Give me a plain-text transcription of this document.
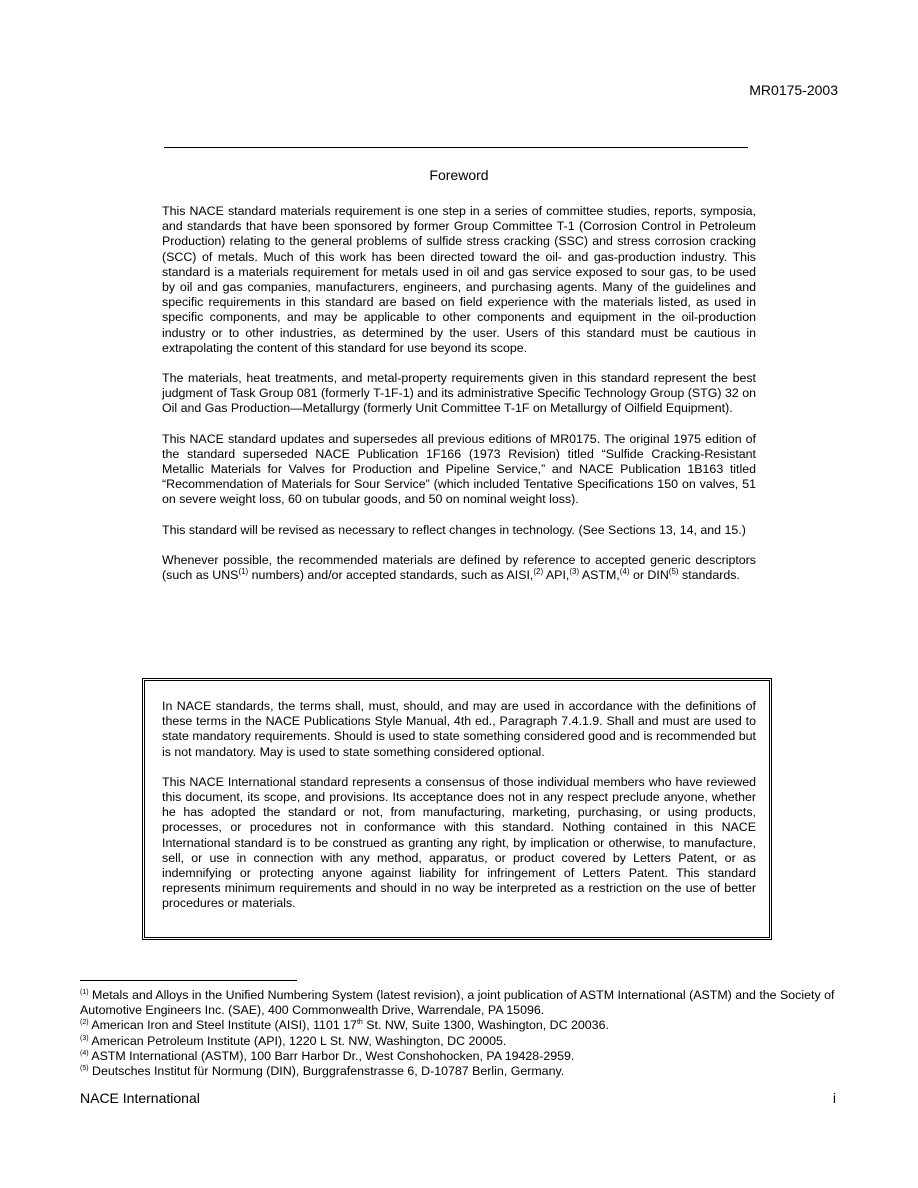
MR0175-2003
Foreword

This NACE standard materials requirement is one step in a series of committee studies, reports, symposia, and standards that have been sponsored by former Group Committee T-1 (Corrosion Control in Petroleum Production) relating to the general problems of sulfide stress cracking (SSC) and stress corrosion cracking (SCC) of metals. Much of this work has been directed toward the oil- and gas-production industry. This standard is a materials requirement for metals used in oil and gas service exposed to sour gas, to be used by oil and gas companies, manufacturers, engineers, and purchasing agents. Many of the guidelines and specific requirements in this standard are based on field experience with the materials listed, as used in specific components, and may be applicable to other components and equipment in the oil-production industry or to other industries, as determined by the user. Users of this standard must be cautious in extrapolating the content of this standard for use beyond its scope.

The materials, heat treatments, and metal-property requirements given in this standard represent the best judgment of Task Group 081 (formerly T-1F-1) and its administrative Specific Technology Group (STG) 32 on Oil and Gas Production—Metallurgy (formerly Unit Committee T-1F on Metallurgy of Oilfield Equipment).

This NACE standard updates and supersedes all previous editions of MR0175. The original 1975 edition of the standard superseded NACE Publication 1F166 (1973 Revision) titled “Sulfide Cracking-Resistant Metallic Materials for Valves for Production and Pipeline Service,” and NACE Publication 1B163 titled “Recommendation of Materials for Sour Service” (which included Tentative Specifications 150 on valves, 51 on severe weight loss, 60 on tubular goods, and 50 on nominal weight loss).

This standard will be revised as necessary to reflect changes in technology. (See Sections 13, 14, and 15.)

Whenever possible, the recommended materials are defined by reference to accepted generic descriptors (such as UNS$^{(1)}$ numbers) and/or accepted standards, such as AISI,$^{(2)}$ API,$^{(3)}$ ASTM,$^{(4)}$ or DIN$^{(5)}$ standards.

In NACE standards, the terms shall, must, should, and may are used in accordance with the definitions of these terms in the NACE Publications Style Manual, 4th ed., Paragraph 7.4.1.9. Shall and must are used to state mandatory requirements. Should is used to state something considered good and is recommended but is not mandatory. May is used to state something considered optional.

This NACE International standard represents a consensus of those individual members who have reviewed this document, its scope, and provisions. Its acceptance does not in any respect preclude anyone, whether he has adopted the standard or not, from manufacturing, marketing, purchasing, or using products, processes, or procedures not in conformance with this standard. Nothing contained in this NACE International standard is to be construed as granting any right, by implication or otherwise, to manufacture, sell, or use in connection with any method, apparatus, or product covered by Letters Patent, or as indemnifying or protecting anyone against liability for infringement of Letters Patent. This standard represents minimum requirements and should in no way be interpreted as a restriction on the use of better procedures or materials.

$^{(1)}$ Metals and Alloys in the Unified Numbering System (latest revision), a joint publication of ASTM International (ASTM) and the Society of Automotive Engineers Inc. (SAE), 400 Commonwealth Drive, Warrendale, PA 15096.

$^{(2)}$ American Iron and Steel Institute (AISI), 1101 17th St. NW, Suite 1300, Washington, DC 20036.

$^{(3)}$ American Petroleum Institute (API), 1220 L St. NW, Washington, DC 20005.

$^{(4)}$ ASTM International (ASTM), 100 Barr Harbor Dr., West Conshohocken, PA 19428-2959.

$^{(5)}$ Deutsches Institut für Normung (DIN), Burggrafenstrasse 6, D-10787 Berlin, Germany.

NACE International	i
